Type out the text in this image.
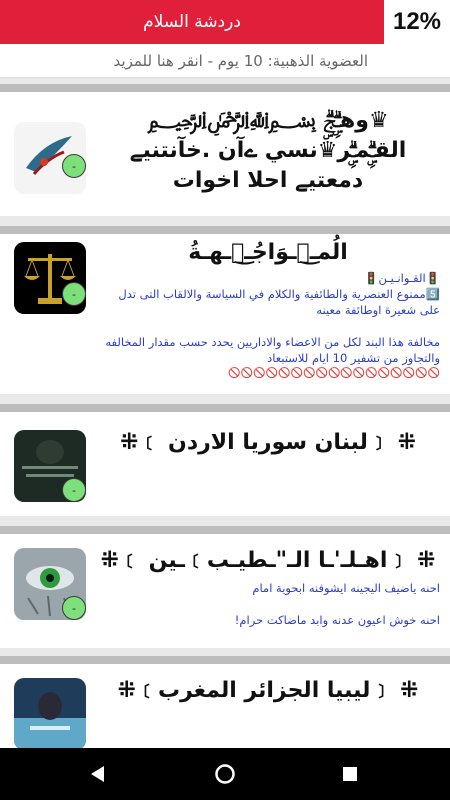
دردشة السلام	12%
العضوية الذهبية: 10 يوم - انقر هنا للمزيد
-
♛وهـِۣۗجۣۗ ﷽ القـِۣۗمـِۣۗر♛نسي ےآن .خآنتنيے دمعتيے احلا اخوات
-
الُمـ๋͜ـوَاجُـ๋͜ـهـةُ
🚦القـوانـيـن🚦
5️⃣ممنوع العنصرية والطائفية والكلام في السياسة والالقاب التى تدل على شعيرة اوطائفة معينه
مخالفة هذا البند لكل من الاعضاء والاداريين يحدد حسب مقدار المخالفه والتجاوز من تشفير 10 ايام للاستبعاد
🚫🚫🚫🚫🚫🚫🚫🚫🚫🚫🚫🚫🚫🚫🚫🚫🚫
-
⁜ ﹝لبنان سوريا الاردن ﹞⁜
-
⁜ ﹝اهـلـ'ـا الـ"ـطيـب﹞ـين ﹞⁜
احنه ياضيف اليجينه ايشوفنه ابحوية امام
احنه خوش اعيون عدنه وابد ماضاكت حرام!
⁜ ﹝ليبيا الجزائر المغرب﹞⁜
